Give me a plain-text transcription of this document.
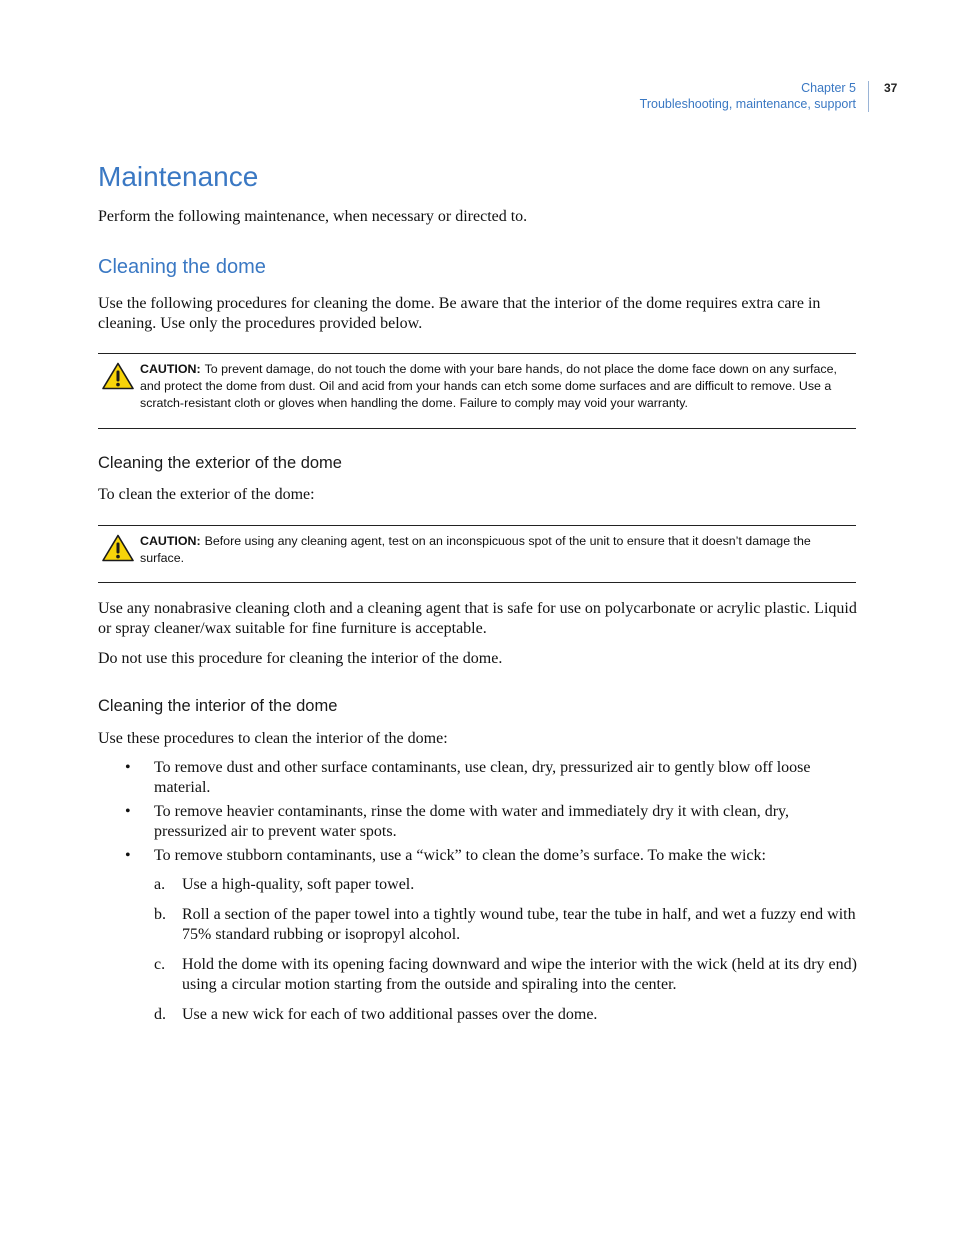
Chapter 5
Troubleshooting, maintenance, support
37
Maintenance

Perform the following maintenance, when necessary or directed to.

Cleaning the dome

Use the following procedures for cleaning the dome. Be aware that the interior of the dome requires extra care in cleaning. Use only the procedures provided below.

CAUTION: To prevent damage, do not touch the dome with your bare hands, do not place the dome face down on any surface, and protect the dome from dust. Oil and acid from your hands can etch some dome surfaces and are difficult to remove. Use a scratch-resistant cloth or gloves when handling the dome. Failure to comply may void your warranty.
Cleaning the exterior of the dome

To clean the exterior of the dome:

CAUTION: Before using any cleaning agent, test on an inconspicuous spot of the unit to ensure that it doesn’t damage the surface.

Use any nonabrasive cleaning cloth and a cleaning agent that is safe for use on polycarbonate or acrylic plastic. Liquid or spray cleaner/wax suitable for fine furniture is acceptable.

Do not use this procedure for cleaning the interior of the dome.

Cleaning the interior of the dome

Use these procedures to clean the interior of the dome:

• To remove dust and other surface contaminants, use clean, dry, pressurized air to gently blow off loose material.

• To remove heavier contaminants, rinse the dome with water and immediately dry it with clean, dry, pressurized air to prevent water spots.

• To remove stubborn contaminants, use a “wick” to clean the dome’s surface. To make the wick:

a. Use a high-quality, soft paper towel.

b. Roll a section of the paper towel into a tightly wound tube, tear the tube in half, and wet a fuzzy end with 75% standard rubbing or isopropyl alcohol.

c. Hold the dome with its opening facing downward and wipe the interior with the wick (held at its dry end) using a circular motion starting from the outside and spiraling into the center.

d. Use a new wick for each of two additional passes over the dome.
